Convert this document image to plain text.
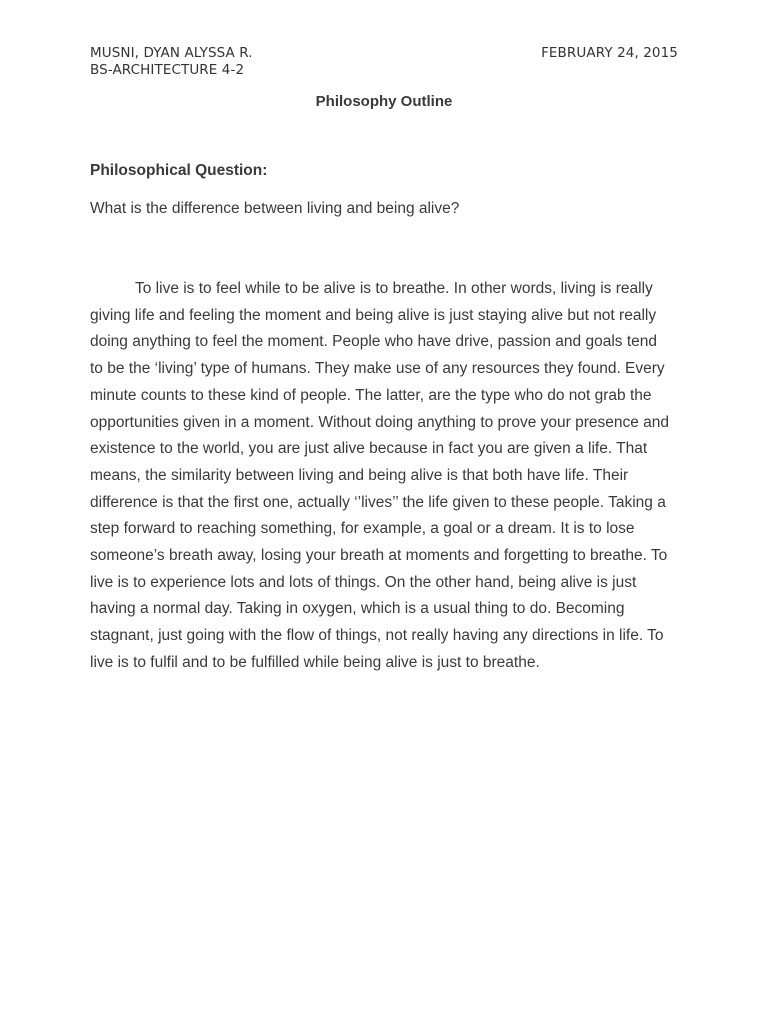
MUSNI, DYAN ALYSSA R.
BS-ARCHITECTURE 4-2
FEBRUARY 24, 2015
Philosophy Outline
Philosophical Question:
What is the difference between living and being alive?
To live is to feel while to be alive is to breathe. In other words, living is really
giving life and feeling the moment and being alive is just staying alive but not really
doing anything to feel the moment. People who have drive, passion and goals tend
to be the ‘living’ type of humans. They make use of any resources they found. Every
minute counts to these kind of people. The latter, are the type who do not grab the
opportunities given in a moment. Without doing anything to prove your presence and
existence to the world, you are just alive because in fact you are given a life. That
means, the similarity between living and being alive is that both have life. Their
difference is that the first one, actually ‘’lives’’ the life given to these people. Taking a
step forward to reaching something, for example, a goal or a dream. It is to lose
someone’s breath away, losing your breath at moments and forgetting to breathe. To
live is to experience lots and lots of things. On the other hand, being alive is just
having a normal day. Taking in oxygen, which is a usual thing to do. Becoming
stagnant, just going with the flow of things, not really having any directions in life. To
live is to fulfil and to be fulfilled while being alive is just to breathe.
